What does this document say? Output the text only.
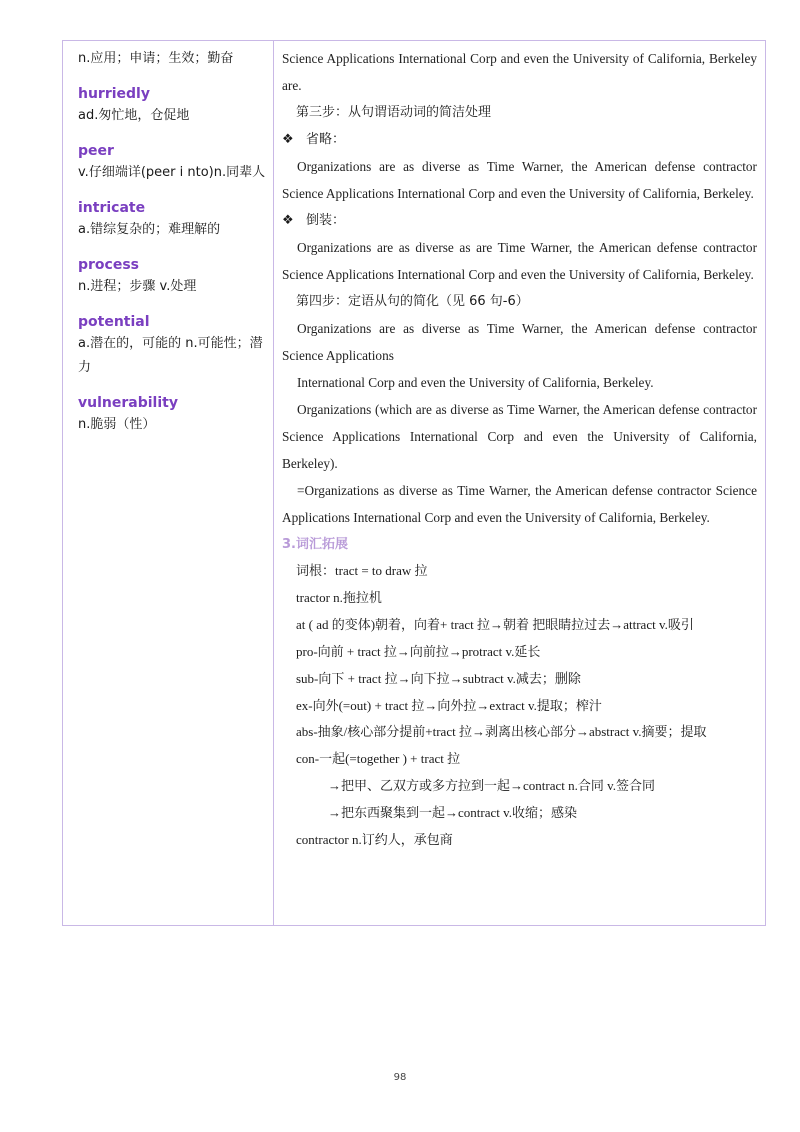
n.应用；申请；生效；勤奋
hurriedly
ad.匆忙地，仓促地
peer
v.仔细端详(peer i nto)n.同辈人
intricate
a.错综复杂的；难理解的
process
n.进程；步骤 v.处理
potential
a.潜在的，可能的 n.可能性；潜力
vulnerability
n.脆弱（性）
Science Applications International Corp and even the University of California, Berkeley are.
第三步：从句谓语动词的简洁处理
❖ 省略：
Organizations are as diverse as Time Warner, the American defense contractor Science Applications International Corp and even the University of California, Berkeley.
❖ 倒装：
Organizations are as diverse as are Time Warner, the American defense contractor Science Applications International Corp and even the University of California, Berkeley.
第四步：定语从句的简化（见 66 句-6）
Organizations are as diverse as Time Warner, the American defense contractor Science Applications
International Corp and even the University of California, Berkeley.
Organizations (which are as diverse as Time Warner, the American defense contractor Science Applications International Corp and even the University of California, Berkeley).
=Organizations as diverse as Time Warner, the American defense contractor Science Applications International Corp and even the University of California, Berkeley.
3.词汇拓展
词根：tract = to draw 拉
tractor n.拖拉机
at ( ad 的变体)朝着，向着+ tract 拉→朝着 把眼睛拉过去→attract v.吸引
pro-向前 + tract 拉→向前拉→protract v.延长
sub-向下 + tract 拉→向下拉→subtract v.减去；删除
ex-向外(=out) + tract 拉→向外拉→extract v.提取；榨汁
abs-抽象/核心部分提前+tract 拉→剥离出核心部分→abstract v.摘要；提取
con-一起(=together ) + tract 拉
→把甲、乙双方或多方拉到一起→contract n.合同 v.签合同
→把东西聚集到一起→contract v.收缩；感染
contractor n.订约人，承包商
98
